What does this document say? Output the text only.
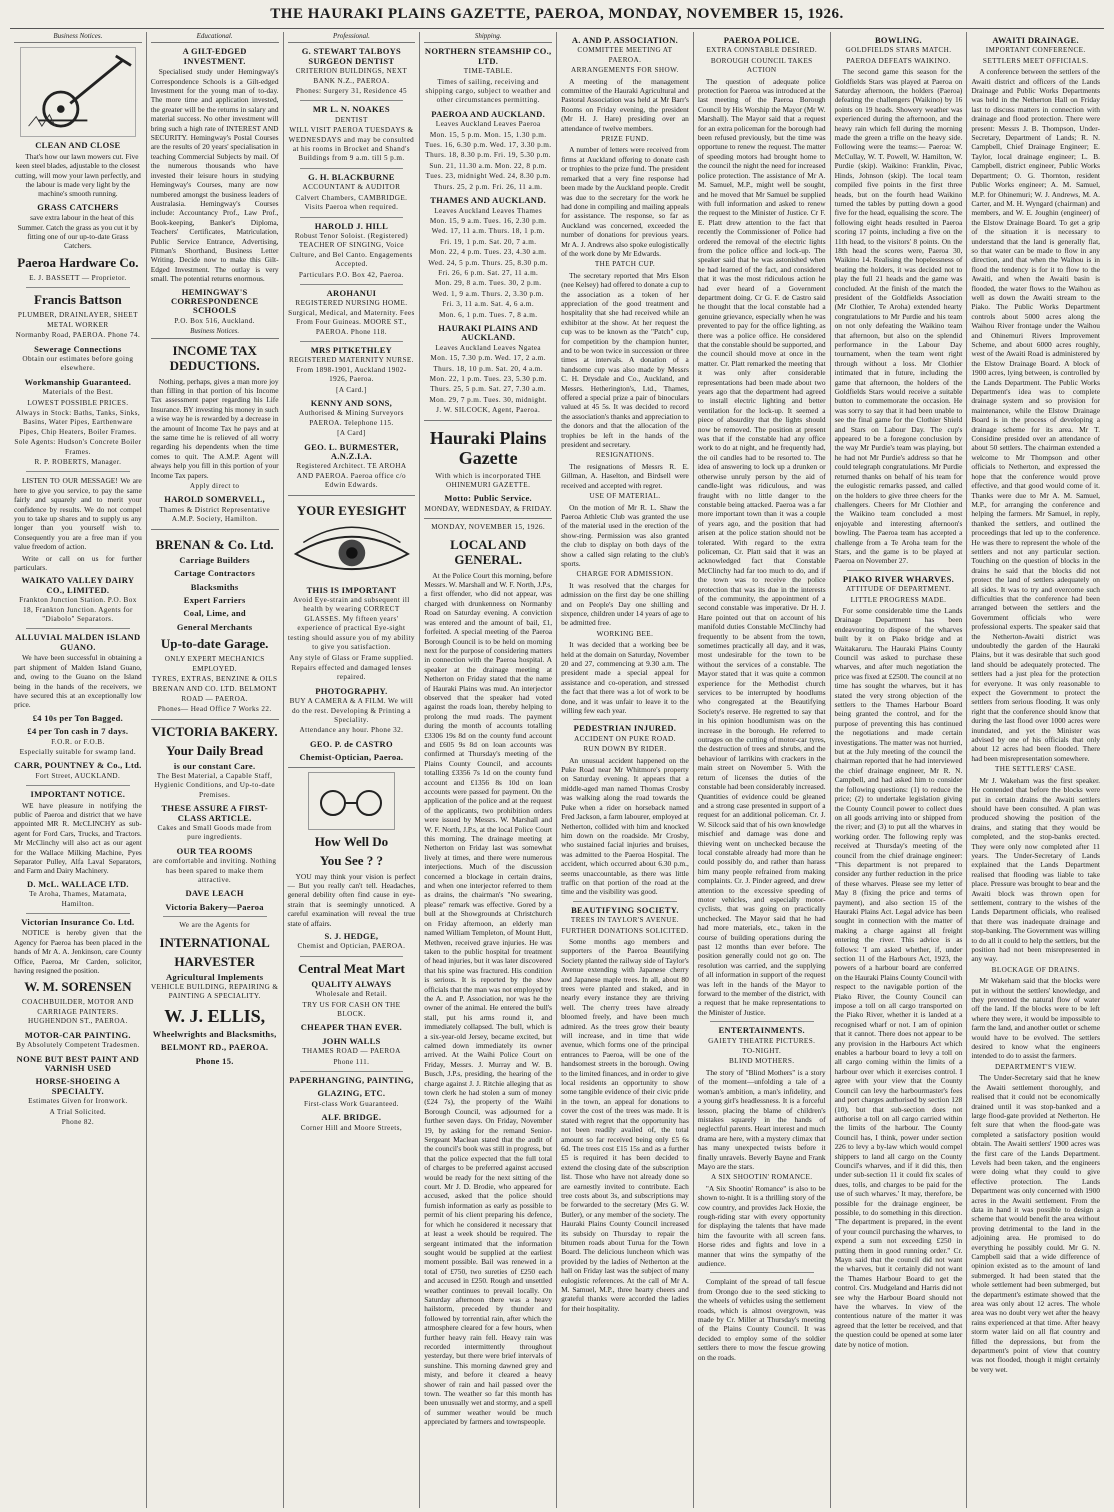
THE HAURAKI PLAINS GAZETTE, PAEROA, MONDAY, NOVEMBER 15, 1926.
Business Notices.
CLEAN AND CLOSE

That's how our lawn mowers cut. Five keen steel blades, adjustable to the closest cutting, will mow your lawn perfectly, and the labour is made very light by the machine's smooth running.

GRASS CATCHERS

save extra labour in the heat of this Summer. Catch the grass as you cut it by fitting one of our up-to-date Grass Catchers.

Paeroa Hardware Co.
E. J. BASSETT — Proprietor.
Francis Battson
PLUMBER, DRAINLAYER, SHEET METAL WORKER
Normanby Road, PAEROA. Phone 74.
Sewerage Connections
Obtain our estimates before going elsewhere.
Workmanship Guaranteed.
Materials of the Best.
LOWEST POSSIBLE PRICES.
Always in Stock: Baths, Tanks, Sinks, Basins, Water Pipes, Earthenware Pipes, Chip Heaters, Boiler Frames.
Sole Agents: Hudson's Concrete Boiler Frames.
R. P. ROBERTS, Manager.

LISTEN TO OUR MESSAGE! We are here to give you service, to pay the same fairly and squarely and to merit your confidence by results. We do not compel you to take up shares and to supply us any longer than you yourself wish to. Consequently you are a free man if you value freedom of action.

Write or call on us for further particulars.

WAIKATO VALLEY DAIRY CO., LIMITED.
Frankton Junction Station. P.O. Box 18, Frankton Junction. Agents for "Diabolo" Separators.
ALLUVIAL MALDEN ISLAND GUANO.

We have been successful in obtaining a part shipment of Malden Island Guano, and, owing to the Guano on the Island being in the hands of the receivers, we have secured this at an exceptionally low price.

£4 10s per Ton Bagged.
£4 per Ton cash in 7 days.
F.O.R. or F.O.B.
Especially suitable for swamp land.
CARR, POUNTNEY & Co., Ltd.
Fort Street, AUCKLAND.
IMPORTANT NOTICE.

WE have pleasure in notifying the public of Paeroa and district that we have appointed MR R. McCLINCHY as sub-agent for Ford Cars, Trucks, and Tractors. Mr McClinchy will also act as our agent for the Wallace Milking Machine, Pyes Separator Pulley, Alfa Laval Separators, and Farm and Dairy Machinery.

D. McL. WALLACE LTD.
Te Aroha, Thames, Matamata, Hamilton.
Victorian Insurance Co. Ltd.

NOTICE is hereby given that the Agency for Paeroa has been placed in the hands of Mr A. A. Jenkinson, care County Office, Paeroa, Mr Carden, solicitor, having resigned the position.

W. M. SORENSEN
COACHBUILDER, MOTOR AND CARRIAGE PAINTERS. HUGHENDON ST., PAEROA.
MOTOR-CAR PAINTING.
By Absolutely Competent Tradesmen.
NONE BUT BEST PAINT AND VARNISH USED
HORSE-SHOEING A SPECIALTY.
Estimates Given for Ironwork.
A Trial Solicited.
Phone 82.
Educational.
A GILT-EDGED INVESTMENT.

Specialised study under Hemingway's Correspondence Schools is a Gilt-edged Investment for the young man of to-day. The more time and application invested, the greater will be the returns in salary and material success. No other investment will bring such a high rate of INTEREST AND SECURITY. Hemingway's Postal Courses are the results of 20 years' specialisation in teaching Commercial Subjects by mail. Of the numerous thousands who have invested their leisure hours in studying Hemingway's Courses, many are now numbered amongst the business leaders of Australasia. Hemingway's Courses include: Accountancy Prof., Law Prof., Book-keeping, Banker's Diploma, Teachers' Certificates, Matriculation, Public Service Entrance, Advertising, Pitman's Shorthand, Business Letter Writing. Decide now to make this Gilt-Edged Investment. The outlay is very small. The potential returns enormous.

HEMINGWAY'S CORRESPONDENCE SCHOOLS
P.O. Box 516, Auckland.
Business Notices.
INCOME TAX DEDUCTIONS.

Nothing, perhaps, gives a man more joy than filling in that portion of his Income Tax assessment paper regarding his Life Insurance. BY investing his money in such a wise way he is rewarded by a decrease in the amount of Income Tax he pays and at the same time he is relieved of all worry regarding his dependents when the time comes to quit. The A.M.P. Agent will always help you fill in this portion of your Income Tax papers.

Apply direct to
HAROLD SOMERVELL,
Thames & District Representative A.M.P. Society, Hamilton.
BRENAN & Co. Ltd.
Carriage Builders
Cartage Contractors
Blacksmiths
Expert Farriers
Coal, Lime, and
General Merchants
Up-to-date Garage.
ONLY EXPERT MECHANICS EMPLOYED.
TYRES, EXTRAS, BENZINE & OILS
BRENAN AND CO. LTD. BELMONT ROAD — PAEROA.
Phones— Head Office 7 Works 22.
VICTORIA BAKERY.
Your Daily Bread
is our constant Care.
The Best Material, a Capable Staff, Hygienic Conditions, and Up-to-date Premises.
THESE ASSURE A FIRST-CLASS ARTICLE.
Cakes and Small Goods made from pure ingredients.
OUR TEA ROOMS
are comfortable and inviting. Nothing has been spared to make them attractive.
DAVE LEACH
Victoria Bakery—Paeroa
We are the Agents for
INTERNATIONAL
HARVESTER
Agricultural Implements
VEHICLE BUILDING, REPAIRING & PAINTING A SPECIALITY.
W. J. ELLIS,
Wheelwrights and Blacksmiths,
BELMONT RD., PAEROA.
Phone 15.
Professional.
G. STEWART TALBOYS SURGEON DENTIST
CRITERION BUILDINGS, NEXT BANK N.Z., PAEROA.
Phones: Surgery 31, Residence 45
MR L. N. NOAKES
DENTIST
WILL VISIT PAEROA TUESDAYS & WEDNESDAYS and may be consulted at his rooms in Brocket and Shand's Buildings from 9 a.m. till 5 p.m.
G. H. BLACKBURNE
ACCOUNTANT & AUDITOR
Calvert Chambers, CAMBRIDGE. Visits Paeroa when required.
HAROLD J. HILL
Robust Tenor Soloist. (Registered) TEACHER OF SINGING, Voice Culture, and Bel Canto. Engagements Accepted.
Particulars P.O. Box 42, Paeroa.
AROHANUI
REGISTERED NURSING HOME. Surgical, Medical, and Maternity. Fees From Four Guineas. MOORE ST., PAEROA. Phone 118.
MRS PITKETHLEY
REGISTERED MATERNITY NURSE. From 1898-1901, Auckland 1902-1926, Paeroa.
[A Card.]
KENNY AND SONS,
Authorised & Mining Surveyors PAEROA. Telephone 115.
[A Card]
GEO. L. BURMESTER, A.N.Z.I.A.
Registered Architect. TE AROHA AND PAEROA. Paeroa office c/o Edwin Edwards.
YOUR EYESIGHT
THIS IS IMPORTANT
Avoid Eye-strain and subsequent ill health by wearing CORRECT GLASSES. My fifteen years' experience of practical Eye-sight testing should assure you of my ability to give you satisfaction.
Any style of Glass or Frame supplied.
Repairs effected and damaged lenses repaired.
PHOTOGRAPHY.
BUY A CAMERA & A FILM. We will do the rest. Developing & Printing a Speciality.
Attendance any hour. Phone 32.
GEO. P. de CASTRO
Chemist-Optician, Paeroa.
How Well Do
You See ? ?

YOU may think your vision is perfect — But you really can't tell. Headaches, general debility often find cause in eye-strain that is seemingly unnoticed. A careful examination will reveal the true state of affairs.

S. J. HEDGE,
Chemist and Optician, PAEROA.
Central Meat Mart
QUALITY ALWAYS
Wholesale and Retail.
TRY US FOR CASH ON THE BLOCK.
CHEAPER THAN EVER.
JOHN WALLS
THAMES ROAD — PAEROA
Phone 111.
PAPERHANGING, PAINTING,
GLAZING, ETC.
First-class Work Guaranteed.
ALF. BRIDGE.
Corner Hill and Moore Streets,
Shipping.
NORTHERN STEAMSHIP CO., LTD.
TIME-TABLE.
Times of sailing, receiving and shipping cargo, subject to weather and other circumstances permitting.
PAEROA AND AUCKLAND.
Leaves Auckland Leaves Paeroa
Mon. 15, 5 p.m. Mon. 15, 1.30 p.m.
Tues. 16, 6.30 p.m. Wed. 17, 3.30 p.m.
Thurs. 18, 8.30 p.m. Fri. 19, 5.30 p.m.
Sun. 21, 11.30 a.m. Mon. 22, 8 p.m.
Tues. 23, midnight Wed. 24, 8.30 p.m.
Thurs. 25, 2 p.m. Fri. 26, 11 a.m.
THAMES AND AUCKLAND.
Leaves Auckland Leaves Thames
Mon. 15, 9 a.m. Tues. 16, 2.30 p.m.
Wed. 17, 11 a.m. Thurs. 18, 1 p.m.
Fri. 19, 1 p.m. Sat. 20, 7 a.m.
Mon. 22, 4 p.m. Tues. 23, 4.30 a.m.
Wed. 24, 5 p.m. Thurs. 25, 8.30 p.m.
Fri. 26, 6 p.m. Sat. 27, 11 a.m.
Mon. 29, 8 a.m. Tues. 30, 2 p.m.
Wed. 1, 9 a.m. Thurs. 2, 3.30 p.m.
Fri. 3, 11 a.m. Sat. 4, 6 a.m.
Mon. 6, 1 p.m. Tues. 7, 8 a.m.
HAURAKI PLAINS AND AUCKLAND.
Leaves Auckland Leaves Ngatea
Mon. 15, 7.30 p.m. Wed. 17, 2 a.m.
Thurs. 18, 10 p.m. Sat. 20, 4 a.m.
Mon. 22, 1 p.m. Tues. 23, 5.30 p.m.
Thurs. 25, 5 p.m. Sat. 27, 7.30 a.m.
Mon. 29, 7 p.m. Tues. 30, midnight.
J. W. SILCOCK, Agent, Paeroa.
Hauraki Plains Gazette
With which is incorporated THE OHINEMURI GAZETTE.
Motto: Public Service.
MONDAY, WEDNESDAY, & FRIDAY.
MONDAY, NOVEMBER 15, 1926.
LOCAL AND GENERAL.

At the Police Court this morning, before Messrs. W. Marshall and W. F. North, J.P.s, a first offender, who did not appear, was charged with drunkenness on Normanby Road on Saturday evening. A conviction was entered and the amount of bail, £1, forfeited. A special meeting of the Paeroa Borough Council is to be held on morning next for the purpose of considering matters in connection with the Paeroa hospital. A speaker at the drainage meeting at Netherton on Friday stated that the name of Hauraki Plains was mud. An interjector observed that the speaker had voted against the roads loan, thereby helping to prolong the mud roads. The payment during the month of accounts totalling £3306 19s 8d on the county fund account and £605 9s 8d on loan accounts was confirmed at Thursday's meeting of the Plains County Council, and accounts totalling £3356 7s 1d on the county fund account and £1356 8s 10d on loan accounts were passed for payment. On the application of the police and at the request of the applicants, two prohibition orders were issued by Messrs. W. Marshall and W. F. North, J.P.s, at the local Police Court this morning. The drainage meeting at Netherton on Friday last was somewhat lively at times, and there were numerous interjections. Much of the discussion concerned a blockage in certain drains, and when one interjector referred to them as drains, the chairman's "No swearing, please" remark was effective. Gored by a bull at the Showgrounds at Christchurch on Friday afternoon, an elderly man named William Templeton, of Mount Hutt, Methven, received grave injuries. He was taken to the public hospital for treatment of head injuries, but it was later discovered that his spine was fractured. His condition is serious. It is reported by the show officials that the man was not employed by the A. and P. Association, nor was he the owner of the animal. He entered the bull's stall, put his arms round it, and immediately collapsed. The bull, which is a six-year-old Jersey, became excited, but calmed down immediately its owner arrived. At the Waihi Police Court on Friday, Messrs. J. Murray and W. B. Busch, J.P.s, presiding, the hearing of the charge against J. J. Ritchie alleging that as town clerk he had stolen a sum of money (£24 7s), the property of the Waihi Borough Council, was adjourned for a further seven days. On Friday, November 19, by asking for the remand Senior-Sergeant Maclean stated that the audit of the council's book was still in progress, but that the police expected that the full total of charges to be preferred against accused would be ready for the next sitting of the court. Mr J. D. Brodie, who appeared for accused, asked that the police should furnish information as early as possible to permit of his client preparing his defence, for which he considered it necessary that at least a week should be required. The sergeant intimated that the information sought would be supplied at the earliest moment possible. Bail was renewed in a total of £750, two sureties of £250 each and accused in £250. Rough and unsettled weather continues to prevail locally. On Saturday afternoon there was a heavy hailstorm, preceded by thunder and followed by torrential rain, after which the atmosphere cleared for a few hours, when further heavy rain fell. Heavy rain was recorded intermittently throughout yesterday, but there were brief intervals of sunshine. This morning dawned grey and misty, and before it cleared a heavy shower of rain and hail passed over the town. The weather so far this month has been unusually wet and stormy, and a spell of summer weather would be much appreciated by farmers and townspeople.

A. AND P. ASSOCIATION.
COMMITTEE MEETING AT PAEROA.
ARRANGEMENTS FOR SHOW.

A meeting of the management committee of the Hauraki Agricultural and Pastoral Association was held at Mr Barr's Rooms on Friday evening, the president (Mr H. J. Hare) presiding over an attendance of twelve members.

PRIZE FUND.

A number of letters were received from firms at Auckland offering to donate cash or trophies to the prize fund. The president remarked that a very fine response had been made by the Auckland people. Credit was due to the secretary for the work he had done in compiling and mailing appeals for assistance. The response, so far as Auckland was concerned, exceeded the number of donations for previous years. Mr A. J. Andrews also spoke eulogistically of the work done by Mr Edwards.

THE PATCH CUP.

The secretary reported that Mrs Elson (nee Kelsey) had offered to donate a cup to the association as a token of her appreciation of the good treatment and hospitality that she had received while an exhibitor at the show. At her request the cup was to be known as the "Patch" cup, for competition by the champion hunter, and to be won twice in succession or three times at intervals. A donation of a handsome cup was also made by Messrs C. H. Drysdale and Co., Auckland, and Messrs. Hetherington's, Ltd., Thames, offered a special prize a pair of binoculars valued at 45 5s. It was decided to record the association's thanks and appreciation to the donors and that the allocation of the trophies be left in the hands of the president and secretary.

RESIGNATIONS.

The resignations of Messrs R. E. Gillman, A. Haselton, and Birdsell were received and accepted with regret.

USE OF MATERIAL.

On the motion of Mr R. L. Shaw the Paeroa Athletic Club was granted the use of the material used in the erection of the show-ring. Permission was also granted the club to display on both days of the show a called sign relating to the club's sports.

CHARGE FOR ADMISSION.

It was resolved that the charges for admission on the first day be one shilling and on People's Day one shilling and sixpence, children under 14 years of age to be admitted free.

WORKING BEE.

It was decided that a working bee be held at the domain on Saturday, November 20 and 27, commencing at 9.30 a.m. The president made a special appeal for assistance and co-operation, and stressed the fact that there was a lot of work to be done, and it was unfair to leave it to the willing few each year.

PEDESTRIAN INJURED.
ACCIDENT ON PUKE ROAD.
RUN DOWN BY RIDER.

An unusual accident happened on the Puke Road near Mr Whitmore's property on Saturday evening. It appears that a middle-aged man named Thomas Crosby was walking along the road towards the Puke when a rider on horseback named Fred Jackson, a farm labourer, employed at Netherton, collided with him and knocked him down on the roadside. Mr Crosby, who sustained facial injuries and bruises, was admitted to the Paeroa Hospital. The accident, which occurred about 6.30 p.m., seems unaccountable, as there was little traffic on that portion of the road at the time and the visibility was good.

BEAUTIFYING SOCIETY.
TREES IN TAYLOR'S AVENUE.
FURTHER DONATIONS SOLICITED.

Some months ago members and supporters of the Paeroa Beautifying Society planted the railway side of Taylor's Avenue extending with Japanese cherry and Japanese maple trees. In all, about 80 trees were planted and staked, and in nearly every instance they are thriving well. The cherry trees have already bloomed freely, and have been much admired. As the trees grow their beauty will increase, and in time that wide avenue, which forms one of the principal entrances to Paeroa, will be one of the handsomest streets in the borough. Owing to the limited finances, and in order to give local residents an opportunity to show some tangible evidence of their civic pride in the town, an appeal for donations to cover the cost of the trees was made. It is stated with regret that the opportunity has not been readily availed of, the total amount so far received being only £5 6s 6d. The trees cost £15 15s and as a further £5 is required it has been decided to extend the closing date of the subscription list. Those who have not already done so are earnestly invited to contribute. Each tree costs about 3s, and subscriptions may be forwarded to the secretary (Mrs G. W. Butler), or any member of the society. The Hauraki Plains County Council increased its subsidy on Thursday to repair the bitumen roads about Turua for the Town Board. The delicious luncheon which was provided by the ladies of Netherton at the hall on Friday last was the subject of many eulogistic references. At the call of Mr A. M. Samuel, M.P., three hearty cheers and grateful thanks were accorded the ladies for their hospitality.

PAEROA POLICE.
EXTRA CONSTABLE DESIRED.
BOROUGH COUNCIL TAKES ACTION

The question of adequate police protection for Paeroa was introduced at the last meeting of the Paeroa Borough Council by His Worship the Mayor (Mr W. Marshall). The Mayor said that a request for an extra policeman for the borough had been refused previously, but the time was opportune to renew the request. The matter of speeding motors had brought home to the council the night the need for increased police protection. The assistance of Mr A. M. Samuel, M.P., might well be sought, and he moved that Mr Samuel be supplied with full information and asked to renew the request to the Minister of Justice. Cr F. E. Platt drew attention to the fact that recently the Commissioner of Police had ordered the removal of the electric lights from the police office and lock-up. The speaker said that he was astonished when he had learned of the fact, and considered that it was the most ridiculous action he had ever heard of a Government department doing. Cr G. F. de Castro said he thought that the local constable had a genuine grievance, especially when he was prevented to pay for the office lighting, as there was a police office. He considered that the constable should be supported, and the council should move at once in the matter. Cr. Platt remarked the meeting that it was only after considerable representations had been made about two years ago that the department had agreed to install electric lighting and better ventilation for the lock-up. It seemed a piece of absurdity that the lights should now be removed. The position at present was that if the constable had any office work to do at night, and he frequently had, the oil candles had to be resorted to. The idea of answering to lock up a drunken or otherwise unruly person by the aid of candle-light was ridiculous, and was fraught with no little danger to the constable being attacked. Paeroa was a far more important town than it was a couple of years ago, and the position that had arisen at the police station should not be tolerated. With regard to the extra policeman, Cr. Platt said that it was an acknowledged fact that Constable McClinchy had far too much to do, and if the town was to receive the police protection that was its due in the interests of the community, the appointment of a second constable was imperative. Dr H. J. Hare pointed out that on account of his manifold duties Constable McClinchy had frequently to be absent from the town, sometimes practically all day, and it was, most undesirable for the town to be without the services of a constable. The Mayor stated that it was quite a common experience for the Methodist church services to be interrupted by hoodlums who congregated at the Beautifying Society's reserve. He regretted to say that in his opinion hoodlumism was on the increase in the borough. He referred to outrages on the cutting of motor-car tyres, the destruction of trees and shrubs, and the behaviour of larrikins with crackers in the main street on November 5. With the return of licenses the duties of the constable had been considerably increased. Quantities of evidence could be gleaned and a strong case presented in support of a request for an additional policeman. Cr. J. W. Silcock said that of his own knowledge mischief and damage was done and thieving went on unchecked because the local constable already had more than he could possibly do, and rather than harass him many people refrained from making complaints. Cr. J. Pinder agreed, and drew attention to the excessive speeding of motor vehicles, and especially motor-cyclists, that was going on practically unchecked. The Mayor said that he had had more materials, etc., taken in the course of building operations during the past 12 months than ever before. The position generally could not go on. The resolution was carried, and the supplying of all information in support of the request was left in the hands of the Mayor to forward to the member of the district, with a request that he make representations to the Minister of Justice.

ENTERTAINMENTS.
GAIETY THEATRE PICTURES.
TO-NIGHT.
BLIND MOTHERS.

The story of "Blind Mothers" is a story of the moment—unfolding a tale of a woman's ambition, a man's infidelity, and a young girl's headlessness. It is a forceful lesson, placing the blame of children's mistakes squarely in the hands of neglectful parents. Heart interest and much drama are here, with a mystery climax that has many unexpected twists before it finally unravels. Beverly Bayne and Frank Mayo are the stars.

A SIX SHOOTIN' ROMANCE.

"A Six Shootin' Romance" is also to be shown to-night. It is a thrilling story of the cow country, and provides Jack Hoxie, the rough-riding star with every opportunity for displaying the talents that have made him the favourite with all screen fans. Horse rides and fights and love in a manner that wins the sympathy of the audience.

Complaint of the spread of tall fescue from Orongo due to the seed sticking to the wheels of vehicles using the settlement roads, which is almost overgrown, was made by Cr. Miller at Thursday's meeting of the Plains County Council. It was decided to employ some of the soldier settlers there to mow the fescue growing on the roads.

BOWLING.
GOLDFIELDS STARS MATCH.
PAEROA DEFEATS WAIKINO.

The second game this season for the Goldfields Stars was played at Paeroa on Saturday afternoon, the holders (Paeroa) defeating the challengers (Waikino) by 16 points on 19 heads. Showery weather was experienced during the afternoon, and the heavy rain which fell during the morning made the green a trifle on the heavy side. Following were the teams:— Paeroa: W. McCullay, W. T. Powell, W. Hamilton, W. Purdie (skip). Waikino: Franklin, Pivac, Hinds, Johnson (skip). The local team compiled five points in the first three heads, but on the fourth head Waikino turned the tables by putting down a good five for the head, equalising the score. The following eight heads resulted in Paeroa scoring 17 points, including a five on the 11th head, to the visitors' 8 points. On the 18th head the scores were, Paeroa 30, Waikino 14. Realising the hopelessness of beating the holders, it was decided not to play the full 21 heads and the game was concluded. At the finish of the match the president of the Goldfields Association (Mr Clothier, Te Aroha) extended hearty congratulations to Mr Purdie and his team on not only defeating the Waikino team that afternoon, but also on the splendid performance in the Labour Day tournament, when the team went right through without a loss. Mr Clothier intimated that in future, including the game that afternoon, the holders of the Goldfields Stars would receive a suitable button to commemorate the occasion. He was sorry to say that it had been unable to see the final game for the Clothier Shield and Stars on Labour Day. The cup's appeared to be a foregone conclusion by the way Mr Purdie's team was playing, but he had not Mr Purdie's address so that he could telegraph congratulations. Mr Purdie returned thanks on behalf of his team for the eulogistic remarks passed, and called on the holders to give three cheers for the challengers. Cheers for Mr Clothier and the Waikino team concluded a most enjoyable and interesting afternoon's bowling. The Paeroa team has accepted a challenge from a Te Aroha team for the Stars, and the game is to be played at Paeroa on November 27.

PIAKO RIVER WHARVES.
ATTITUDE OF DEPARTMENT.
LITTLE PROGRESS MADE.

For some considerable time the Lands Drainage Department has been endeavouring to dispose of the wharves built by it on Piako bridge and at Waitakaruru. The Hauraki Plains County Council was asked to purchase these wharves, and after much negotiation the price was fixed at £2500. The council at no time has sought the wharves, but it has stated the very strong objection of the settlers to the Thames Harbour Board being granted the control, and for the purpose of preventing this has continued the negotiations and made certain investigations. The matter was not hurried, but at the July meeting of the council the chairman reported that he had interviewed the chief drainage engineer, Mr R. N. Campbell, and had asked him to consider the following questions: (1) to reduce the price; (2) to undertake legislation giving the County Council power to collect dues on all goods arriving into or shipped from the river; and (3) to put all the wharves in working order. The following reply was received at Thursday's meeting of the council from the chief drainage engineer: "This department is not prepared to consider any further reduction in the price of these wharves. Please see my letter of May 8 (fixing the price and terms of payment), and also section 15 of the Hauraki Plains Act. Legal advice has been sought in connection with the matter of making a charge against all freight entering the river. This advice is as follows: 'I am asked whether, if, under section 11 of the Harbours Act, 1923, the powers of a harbour board are conferred on the Hauraki Plains County Council with respect to the navigable portion of the Piako River, the County Council can impose a toll on all cargo transported on the Piako River, whether it is landed at a recognised wharf or not. I am of opinion that it cannot. There does not appear to be any provision in the Harbours Act which enables a harbour board to levy a toll on all cargo coming within the limits of a harbour over which it exercises control. I agree with your view that the County Council can levy the harbourmaster's fees and port charges authorised by section 128 (10), but that sub-section does not authorise a toll on all cargo carried within the limits of the harbour. The County Council has, I think, power under section 226 to levy a by-law which would compel shippers to land all cargo on the County Council's wharves, and if it did this, then under sub-section 11 it could fix scales of dues, tolls, and charges to be paid for the use of such wharves.' It may, therefore, be possible for the drainage engineer, be possible, to do something in this direction. "The department is prepared, in the event of your council purchasing the wharves, to expend a sum not exceeding £250 in putting them in good running order." Cr. Mayn said that the council did not want the wharves, but it certainly did not want the Thames Harbour Board to get the control. Crs. Mudgeland and Harris did not see why the Harbour Board should not have the wharves. In view of the contentious nature of the matter it was agreed that the letter be received, and that the question could be opened at some later date by notice of motion.

AWAITI DRAINAGE.
IMPORTANT CONFERENCE.
SETTLERS MEET OFFICIALS.

A conference between the settlers of the Awaiti district and officers of the Lands Drainage and Public Works Departments was held in the Netherton Hall on Friday last to discuss matters in connection with drainage and flood protection. There were present: Messrs J. B. Thompson, Under-Secretary, Department of Lands; R. N. Campbell, Chief Drainage Engineer; E. Taylor, local drainage engineer; L. B. Campbell, district engineer, Public Works Department; O. G. Thornton, resident Public Works engineer; A. M. Samuel, M.P. for Ohinemuri; W. J. Andrews, M. A. Carter, and M. H. Wyngard (chairman) and members, and W. E. Joughin (engineer) of the Elstow Drainage Board. To get a grip of the situation it is necessary to understand that the land is generally flat, so that water can be made to flow in any direction, and that when the Waihou is in flood the tendency is for it to flow to the Awaiti, and when the Awaiti basin is flooded, the water flows to the Waihou as well as down the Awaiti stream to the Piako. The Public Works Department controls about 5000 acres along the Waihou River frontage under the Waihou and Ohinemuri Rivers Improvement Scheme, and about 6000 acres roughly, west of the Awaiti Road is administered by the Elstow Drainage Board. A block of 1900 acres, lying between, is controlled by the Lands Department. The Public Works Department's idea was to complete drainage system and so provision for maintenance, while the Elstow Drainage Board is in the process of developing a drainage scheme for its area. Mr T. Considine presided over an attendance of about 50 settlers. The chairman extended a welcome to Mr Thompson and other officials to Netherton, and expressed the hope that the conference would prove effective, and that good would come of it. Thanks were due to Mr A. M. Samuel, M.P., for arranging the conference and helping the farmers. Mr Samuel, in reply, thanked the settlers, and outlined the proceedings that led up to the conference. He was there to represent the whole of the settlers and not any particular section. Touching on the question of blocks in the drains he said that the blocks did not protect the land of settlers adequately on all sides. It was to try and overcome such difficulties that the conference had been arranged between the settlers and the Government officials who were professional experts. The speaker said that the Netherton-Awaiti district was undoubtedly the garden of the Hauraki Plains, but it was desirable that such good land should be adequately protected. The settlers had a just plea for the protection for everyone. It was only reasonable to expect the Government to protect the settlers from serious flooding. It was only right that the conference should know that during the last flood over 1000 acres were inundated, and yet the Minister was advised by one of his officials that only about 12 acres had been flooded. There had been misrepresentation somewhere.

THE SETTLERS' CASE.

Mr J. Wakeham was the first speaker. He contended that before the blocks were put in certain drains the Awaiti settlers should have been consulted. A plan was produced showing the position of the drains, and stating that they would be completed, and the stop-banks erected. They were only now completed after 11 years. The Under-Secretary of Lands explained that the Lands Department realised that flooding was liable to take place. Pressure was brought to bear and the Awaiti block was thrown open for settlement, contrary to the wishes of the Lands Department officials, who realised that there was inadequate drainage and stop-banking. The Government was willing to do all it could to help the settlers, but the position had not been misrepresented in any way.

BLOCKAGE OF DRAINS.

Mr Wakeham said that the blocks were put in without the settlers' knowledge, and they prevented the natural flow of water off the land. If the blocks were to be left where they were, it would be impossible to farm the land, and another outlet or scheme would have to be evolved. The settlers desired to know what the engineers intended to do to assist the farmers.

DEPARTMENT'S VIEW.

The Under-Secretary said that he knew the Awaiti settlement thoroughly, and realised that it could not be economically drained until it was stop-banked and a large flood-gate provided at Netherton. He felt sure that when the flood-gate was completed a satisfactory position would obtain. The Awaiti settlers' 1900 acres was the first care of the Lands Department. Levels had been taken, and the engineers were doing what they could to give effective protection. The Lands Department was only concerned with 1900 acres in the Awaiti settlement. From the data in hand it was possible to design a scheme that would benefit the area without proving detrimental to the land in the adjoining area. He promised to do everything he possibly could. Mr G. N. Campbell said that a wide difference of opinion existed as to the amount of land submerged. It had been stated that the whole settlement had been submerged, but the department's estimate showed that the area was only about 12 acres. The whole area was no doubt very wet after the heavy rains experienced at that time. After heavy storm water laid on all flat country and filled the depressions, but from the department's point of view that country was not flooded, though it might certainly be very wet.
